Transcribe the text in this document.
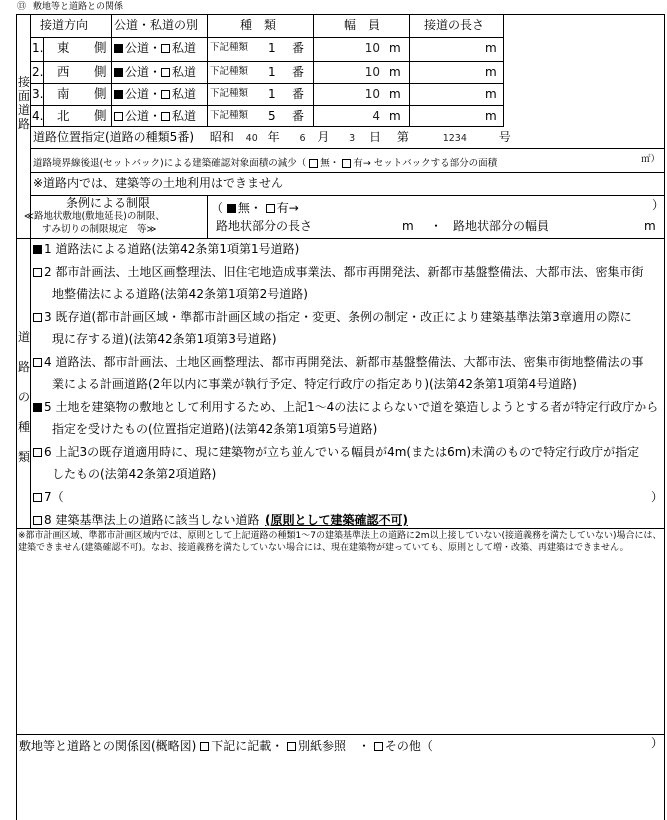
⑬ 敷地等と道路との関係
接道方向 公道・私道の別	種　類	幅　員	接道の長さ
接面道路
1. 東 側 公道・ 私道 下記種類 1 番	10 m	m
2. 西 側 公道・ 私道 下記種類 1 番	10 m	m
3. 南 側 公道・ 私道 下記種類 1 番	10 m	m
4. 北 側 公道・ 私道 下記種類 5 番	4 m	m
道路位置指定(道路の種類5番) 昭和 40 年 6 月 3 日 第	1234	号
道路境界線後退(セットバック)による建築確認対象面積の減少（ 無・ 有→ セットバックする部分の面積	㎡）
※道路内では、建築等の土地利用はできません
条例による制限
≪路地状敷地(敷地延長)の制限、
すみ切りの制限規定　等≫
（ 無・ 有→	）
路地状部分の長さ	m ・ 路地状部分の幅員	m
道路の種類
1 道路法による道路(法第42条第1項第1号道路)
2 都市計画法、土地区画整理法、旧住宅地造成事業法、都市再開発法、新都市基盤整備法、大都市法、密集市街
地整備法による道路(法第42条第1項第2号道路)
3 既存道(都市計画区域・準都市計画区域の指定・変更、条例の制定・改正により建築基準法第3章適用の際に
現に存する道)(法第42条第1項第3号道路)
4 道路法、都市計画法、土地区画整理法、都市再開発法、新都市基盤整備法、大都市法、密集市街地整備法の事
業による計画道路(2年以内に事業が執行予定、特定行政庁の指定あり)(法第42条第1項第4号道路)
5 土地を建築物の敷地として利用するため、上記1～4の法によらないで道を築造しようとする者が特定行政庁から
指定を受けたもの(位置指定道路)(法第42条第1項第5号道路)
6 上記3の既存道適用時に、現に建築物が立ち並んでいる幅員が4m(または6m)未満のもので特定行政庁が指定
したもの(法第42条第2項道路)
7（	）
8 建築基準法上の道路に該当しない道路 (原則として建築確認不可)
※都市計画区域、準都市計画区域内では、原則として上記道路の種類1～7の建築基準法上の道路に2m以上接していない(接道義務を満たしていない)場合には、建築できません(建築確認不可)。なお、接道義務を満たしていない場合には、現在建築物が建っていても、原則として増・改築、再建築はできません。
敷地等と道路との関係図(概略図) 下記に記載・ 別紙参照　・ その他（	）
